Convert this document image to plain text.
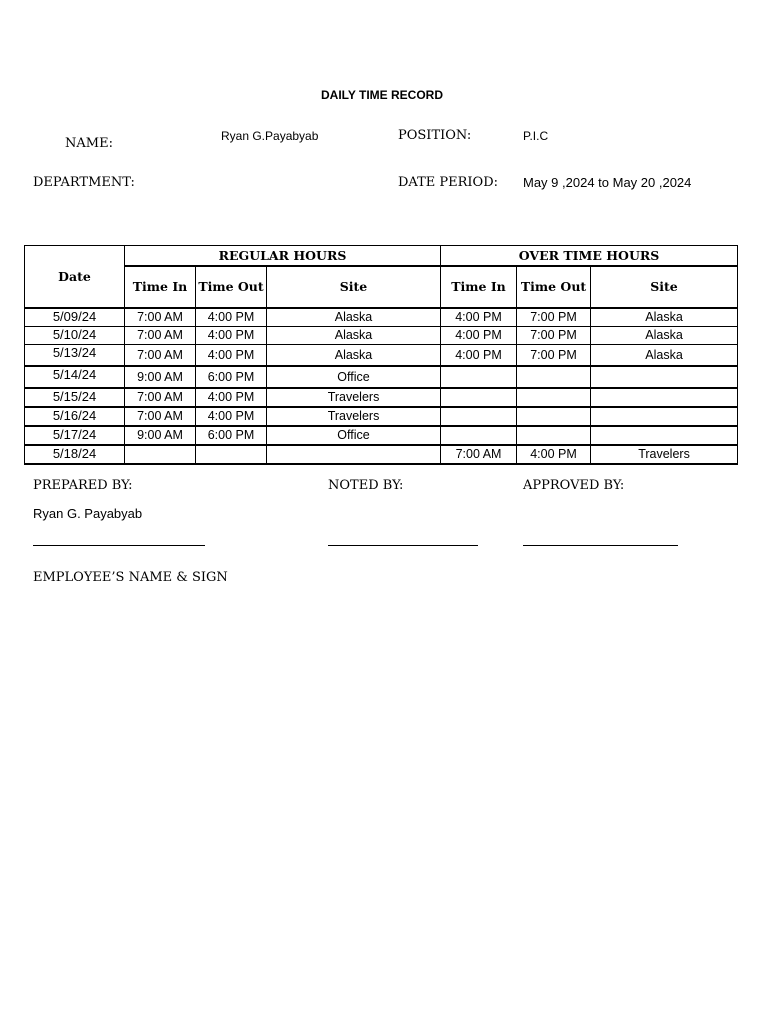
DAILY TIME RECORD
NAME:	Ryan G.Payabyab	POSITION:	P.I.C
DEPARTMENT:	DATE PERIOD: May 9 ,2024 to May 20 ,2024
Date	REGULAR HOURS			OVER TIME HOURS		
	Time In	Time Out	Site	Time In	Time Out	Site
5/09/24	7:00 AM	4:00 PM	Alaska	4:00 PM	7:00 PM	Alaska
5/10/24	7:00 AM	4:00 PM	Alaska	4:00 PM	7:00 PM	Alaska
5/13/24	7:00 AM	4:00 PM	Alaska	4:00 PM	7:00 PM	Alaska
5/14/24	9:00 AM	6:00 PM	Office			
5/15/24	7:00 AM	4:00 PM	Travelers			
5/16/24	7:00 AM	4:00 PM	Travelers			
5/17/24	9:00 AM	6:00 PM	Office			
5/18/24				7:00 AM	4:00 PM	Travelers
PREPARED BY:	NOTED BY:	APPROVED BY:
Ryan G. Payabyab
EMPLOYEE’S NAME & SIGN
